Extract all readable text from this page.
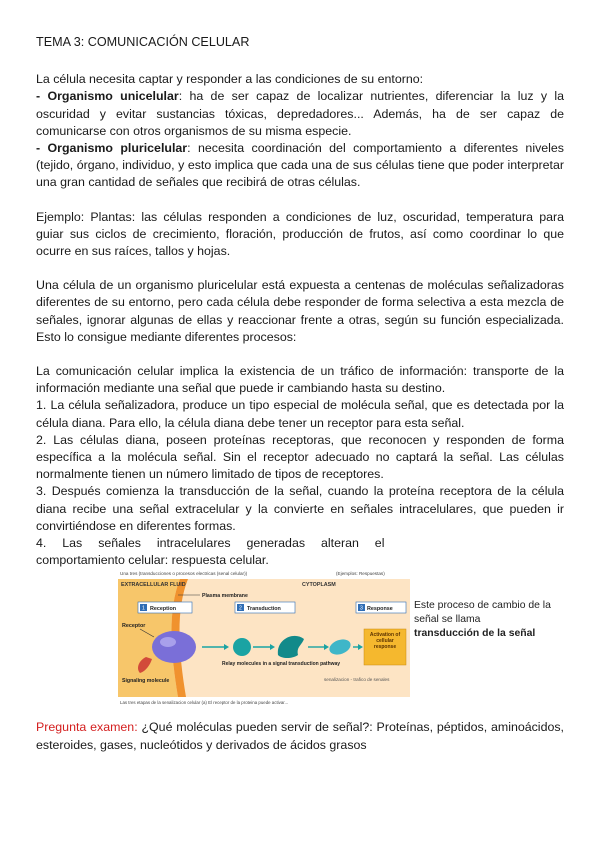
TEMA 3: COMUNICACIÓN CELULAR

La célula necesita captar y responder a las condiciones de su entorno:

- Organismo unicelular: ha de ser capaz de localizar nutrientes, diferenciar la luz y la oscuridad y evitar sustancias tóxicas, depredadores... Además, ha de ser capaz de comunicarse con otros organismos de su misma especie.

- Organismo pluricelular: necesita coordinación del comportamiento a diferentes niveles (tejido, órgano, individuo, y esto implica que cada una de sus células tiene que poder interpretar una gran cantidad de señales que recibirá de otras células.

Ejemplo: Plantas: las células responden a condiciones de luz, oscuridad, temperatura para guiar sus ciclos de crecimiento, floración, producción de frutos, así como coordinar lo que ocurre en sus raíces, tallos y hojas.

Una célula de un organismo pluricelular está expuesta a centenas de moléculas señalizadoras diferentes de su entorno, pero cada célula debe responder de forma selectiva a esta mezcla de señales, ignorar algunas de ellas y reaccionar frente a otras, según su función especializada. Esto lo consigue mediante diferentes procesos:

La comunicación celular implica la existencia de un tráfico de información: transporte de la información mediante una señal que puede ir cambiando hasta su destino.

1. La célula señalizadora, produce un tipo especial de molécula señal, que es detectada por la célula diana. Para ello, la célula diana debe tener un receptor para esta señal.

2. Las células diana, poseen proteínas receptoras, que reconocen y responden de forma específica a la molécula señal. Sin el receptor adecuado no captará la señal. Las células normalmente tienen un número limitado de tipos de receptores.

3. Después comienza la transducción de la señal, cuando la proteína receptora de la célula diana recibe una señal extracelular y la convierte en señales intracelulares, que pueden ir convirtiéndose en diferentes formas.

4. Las señales intracelulares generadas alteran el comportamiento celular: respuesta celular.

Una tres (transducciones o procesos electricas (senal celular))	(Ejemplos: Respuestas)
EXTRACELLULAR FLUID	CYTOPLASM
Plasma membrane
1 Reception	2 Transduction	3 Response
Receptor
Activation of cellular response
Relay molecules in a signal transduction pathway
Signaling molecule	senalizacion - trafico de senales
Las tres etapas de la senalizacion celular (a) El receptor de la proteina puede activar...
Este proceso de cambio de la señal se llama
transducción de la señal

Pregunta examen: ¿Qué moléculas pueden servir de señal?: Proteínas, péptidos, aminoácidos, esteroides, gases, nucleótidos y derivados de ácidos grasos
